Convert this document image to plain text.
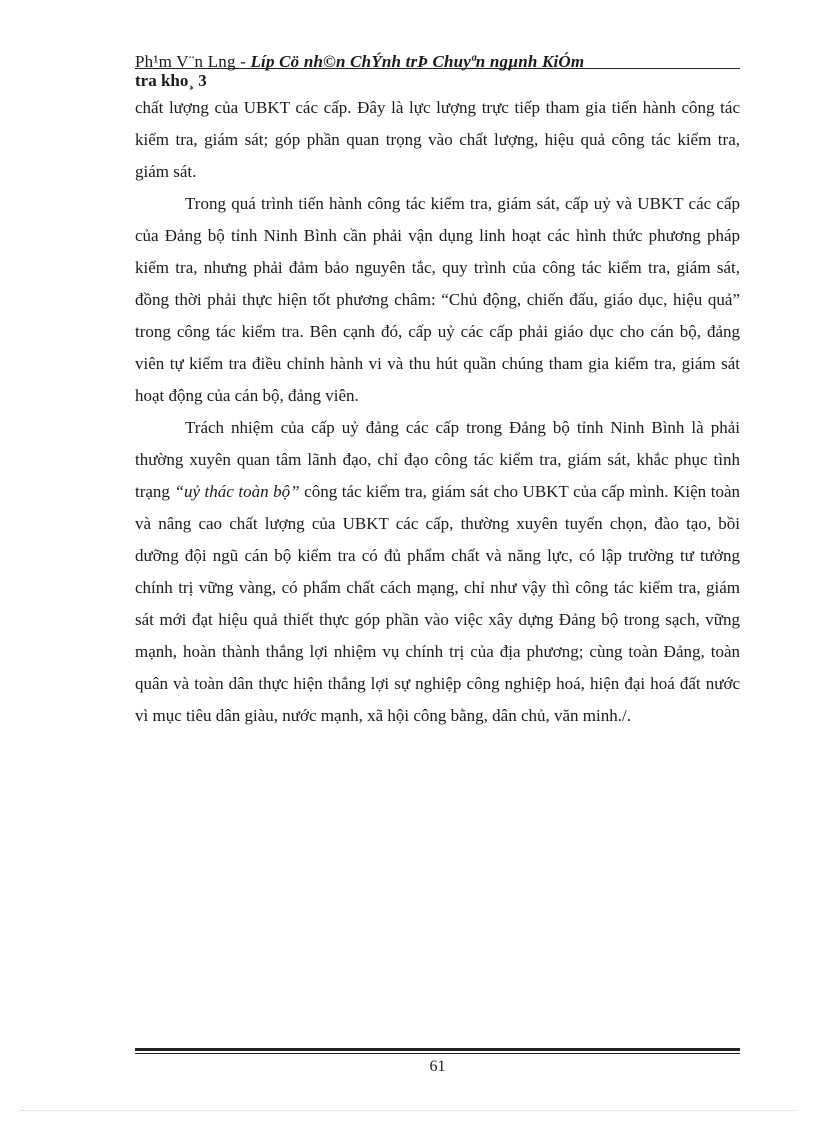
Ph¹m V¨n Lng - Líp Cö nh©n ChÝnh trÞ Chuyªn ngµnh KiÓm
tra kho¸ 3

chất lượng của UBKT các cấp. Đây là lực lượng trực tiếp tham gia tiến hành công tác kiểm tra, giám sát; góp phần quan trọng vào chất lượng, hiệu quả công tác kiểm tra, giám sát.

Trong quá trình tiến hành công tác kiểm tra, giám sát, cấp uỷ và UBKT các cấp của Đảng bộ tỉnh Ninh Bình cần phải vận dụng linh hoạt các hình thức phương pháp kiểm tra, nhưng phải đảm bảo nguyên tắc, quy trình của công tác kiểm tra, giám sát, đồng thời phải thực hiện tốt phương châm: “Chủ động, chiến đấu, giáo dục, hiệu quả” trong công tác kiểm tra. Bên cạnh đó, cấp uỷ các cấp phải giáo dục cho cán bộ, đảng viên tự kiểm tra điều chỉnh hành vi và thu hút quần chúng tham gia kiểm tra, giám sát hoạt động của cán bộ, đảng viên.

Trách nhiệm của cấp uỷ đảng các cấp trong Đảng bộ tỉnh Ninh Bình là phải thường xuyên quan tâm lãnh đạo, chỉ đạo công tác kiểm tra, giám sát, khắc phục tình trạng “uỷ thác toàn bộ” công tác kiểm tra, giám sát cho UBKT của cấp mình. Kiện toàn và nâng cao chất lượng của UBKT các cấp, thường xuyên tuyển chọn, đào tạo, bồi dưỡng đội ngũ cán bộ kiểm tra có đủ phẩm chất và năng lực, có lập trường tư tưởng chính trị vững vàng, có phẩm chất cách mạng, chỉ như vậy thì công tác kiểm tra, giám sát mới đạt hiệu quả thiết thực góp phần vào việc xây dựng Đảng bộ trong sạch, vững mạnh, hoàn thành thắng lợi nhiệm vụ chính trị của địa phương; cùng toàn Đảng, toàn quân và toàn dân thực hiện thắng lợi sự nghiệp công nghiệp hoá, hiện đại hoá đất nước vì mục tiêu dân giàu, nước mạnh, xã hội công bằng, dân chủ, văn minh./.

61
